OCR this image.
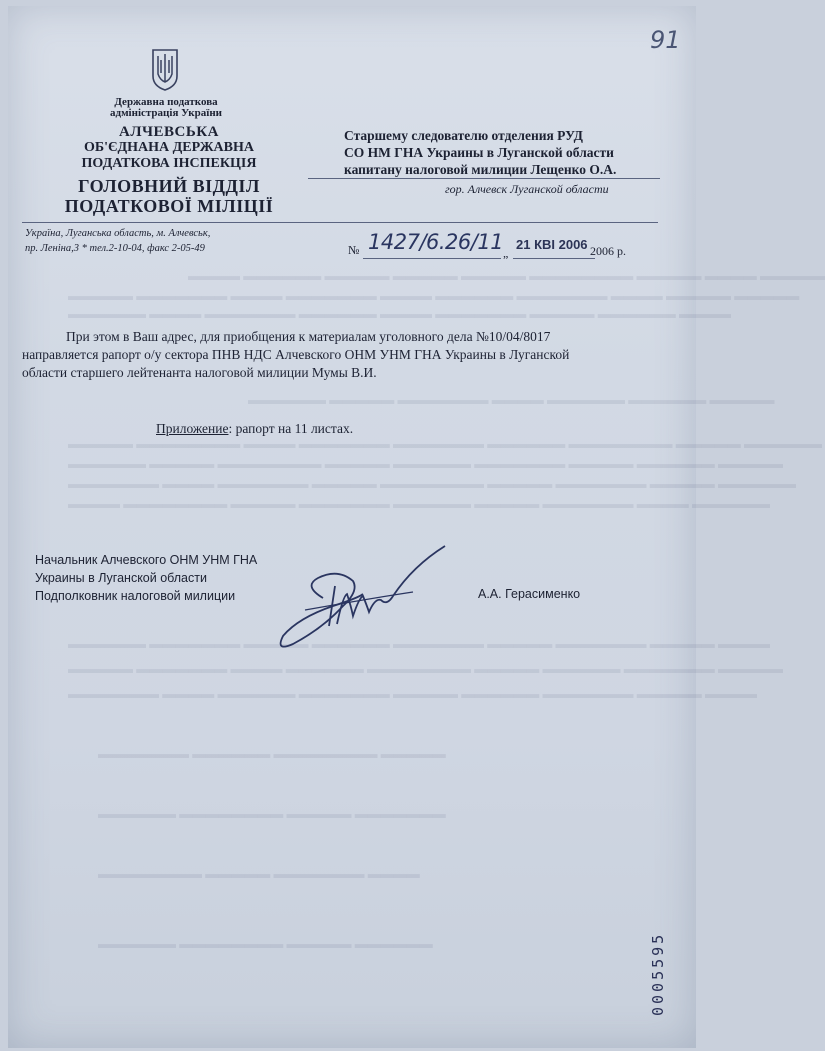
▬▬▬▬ ▬▬▬▬▬▬ ▬▬▬▬▬ ▬▬▬▬▬ ▬▬▬▬▬ ▬▬▬▬▬▬▬▬ ▬▬▬▬▬ ▬▬▬▬ ▬▬▬▬▬
▬▬▬▬▬ ▬▬▬▬▬▬▬ ▬▬▬▬ ▬▬▬▬▬▬▬ ▬▬▬▬ ▬▬▬▬▬▬ ▬▬▬▬▬▬▬ ▬▬▬▬ ▬▬▬▬▬ ▬▬▬▬▬
▬▬▬▬▬▬ ▬▬▬▬ ▬▬▬▬▬▬▬ ▬▬▬▬▬▬ ▬▬▬▬ ▬▬▬▬▬▬▬ ▬▬▬▬▬ ▬▬▬▬▬▬ ▬▬▬▬
▬▬▬▬▬▬ ▬▬▬▬▬ ▬▬▬▬▬▬▬ ▬▬▬▬ ▬▬▬▬▬▬ ▬▬▬▬▬▬ ▬▬▬▬▬
▬▬▬▬▬ ▬▬▬▬▬▬▬▬ ▬▬▬▬ ▬▬▬▬▬▬▬ ▬▬▬▬▬▬▬ ▬▬▬▬▬▬ ▬▬▬▬▬▬▬▬ ▬▬▬▬▬ ▬▬▬▬▬▬
▬▬▬▬▬▬ ▬▬▬▬▬ ▬▬▬▬▬▬▬▬ ▬▬▬▬▬ ▬▬▬▬▬▬ ▬▬▬▬▬▬▬ ▬▬▬▬▬ ▬▬▬▬▬▬ ▬▬▬▬▬
▬▬▬▬▬▬▬ ▬▬▬▬ ▬▬▬▬▬▬▬ ▬▬▬▬▬ ▬▬▬▬▬▬▬▬ ▬▬▬▬▬ ▬▬▬▬▬▬▬ ▬▬▬▬▬ ▬▬▬▬▬▬
▬▬▬▬ ▬▬▬▬▬▬▬▬ ▬▬▬▬▬ ▬▬▬▬▬▬▬ ▬▬▬▬▬▬ ▬▬▬▬▬ ▬▬▬▬▬▬▬ ▬▬▬▬ ▬▬▬▬▬▬
▬▬▬▬▬▬ ▬▬▬▬▬▬▬ ▬▬▬▬▬ ▬▬▬▬▬▬ ▬▬▬▬▬▬▬ ▬▬▬▬▬ ▬▬▬▬▬▬▬ ▬▬▬▬▬ ▬▬▬▬
▬▬▬▬▬ ▬▬▬▬▬▬▬ ▬▬▬▬ ▬▬▬▬▬▬ ▬▬▬▬▬▬▬▬ ▬▬▬▬▬ ▬▬▬▬▬▬ ▬▬▬▬▬▬▬ ▬▬▬▬▬
▬▬▬▬▬▬▬ ▬▬▬▬ ▬▬▬▬▬▬ ▬▬▬▬▬▬▬ ▬▬▬▬▬ ▬▬▬▬▬▬ ▬▬▬▬▬▬▬ ▬▬▬▬▬ ▬▬▬▬
▬▬▬▬▬▬▬ ▬▬▬▬▬▬ ▬▬▬▬▬▬▬▬ ▬▬▬▬▬
▬▬▬▬▬▬ ▬▬▬▬▬▬▬▬ ▬▬▬▬▬ ▬▬▬▬▬▬▬
▬▬▬▬▬▬▬▬ ▬▬▬▬▬ ▬▬▬▬▬▬▬ ▬▬▬▬
▬▬▬▬▬▬ ▬▬▬▬▬▬▬▬ ▬▬▬▬▬ ▬▬▬▬▬▬
91
Державна податкова
адміністрація України
АЛЧЕВСЬКА
ОБ'ЄДНАНА ДЕРЖАВНА
ПОДАТКОВА ІНСПЕКЦІЯ
ГОЛОВНИЙ ВІДДІЛ
ПОДАТКОВОЇ МІЛІЦІЇ
Україна, Луганська область, м. Алчевськ,
пр. Леніна,3 * тел.2-10-04, факс 2-05-49
Старшему следователю отделения РУД
СО НМ ГНА Украины в Луганской области
капитану налоговой милиции Лещенко О.А.
гор. Алчевск Луганской области
№ 1427/6.26/11 „
21 КВІ 2006 2006 р.
При этом в Ваш адрес, для приобщения к материалам уголовного дела №10/04/8017
направляется рапорт о/у сектора ПНВ НДС Алчевского ОНМ УНМ ГНА Украины в Луганской
области старшего лейтенанта налоговой милиции Мумы В.И.
Приложение: рапорт на 11 листах.
Начальник Алчевского ОНМ УНМ ГНА
Украины в Луганской области
Подполковник налоговой милиции	А.А. Герасименко
0005595
